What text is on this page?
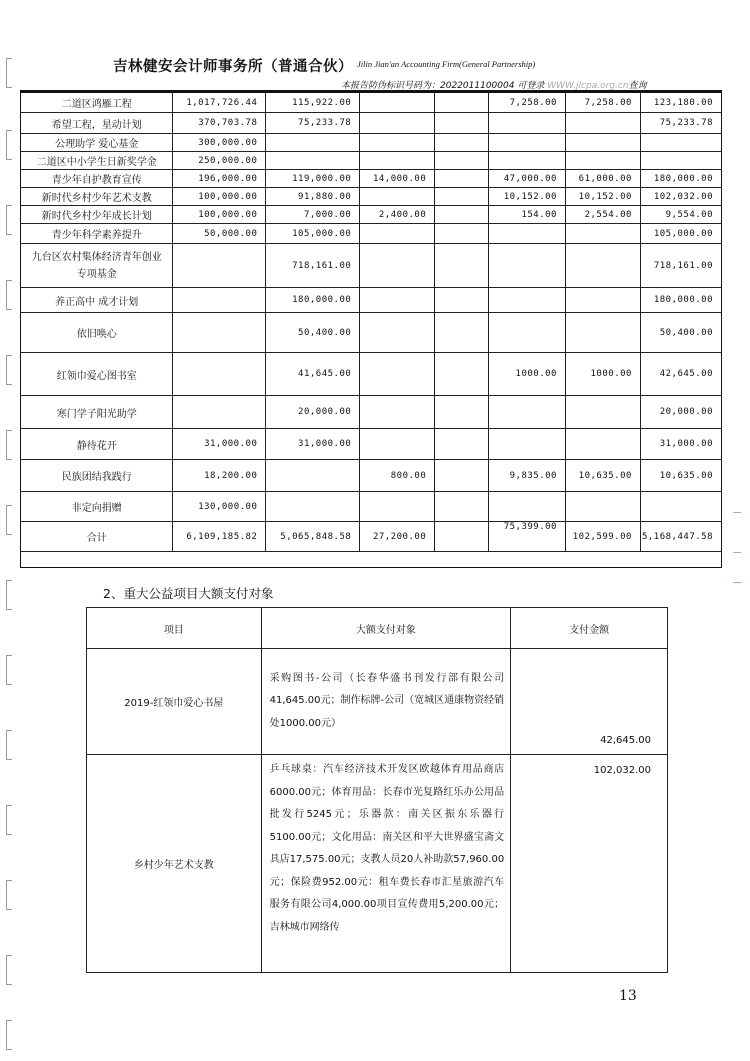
吉林健安会计师事务所（普通合伙） Jilin Jian'an Accounting Firm(General Partnership)
本报告防伪标识号码为：2022011100004 可登录 WWW.jlcpa.org.cn查询
二道区鸿雁工程	1,017,726.44	115,922.00			7,258.00	7,258.00	123,180.00
希望工程，星动计划	370,703.78	75,233.78					75,233.78
公理助学 爱心基金	300,000.00						
二道区中小学生日新奖学金	250,000.00						
青少年自护教育宣传	196,000.00	119,000.00	14,000.00		47,000.00	61,000.00	180,000.00
新时代乡村少年艺术支教	100,000.00	91,880.00			10,152.00	10,152.00	102,032.00
新时代乡村少年成长计划	100,000.00	7,000.00	2,400.00		154.00	2,554.00	9,554.00
青少年科学素养提升	50,000.00	105,000.00					105,000.00
九台区农村集体经济青年创业专项基金		718,161.00					718,161.00
养正高中 成才计划		180,000.00					180,000.00
依旧唤心		50,400.00					50,400.00
红领巾爱心图书室		41,645.00			1000.00	1000.00	42,645.00
寒门学子阳光助学		20,000.00					20,000.00
静待花开	31,000.00	31,000.00					31,000.00
民族团结我践行	18,200.00		800.00		9,835.00	10,635.00	10,635.00
非定向捐赠	130,000.00						
合计	6,109,185.82	5,065,848.58	27,200.00		75,399.00	102,599.00	5,168,447.58
2、重大公益项目大额支付对象
项目	大额支付对象	支付金额
2019-红领巾爱心书屋	采购图书-公司（长春华盛书刊发行部有限公司41,645.00元；制作标牌-公司（宽城区通康物资经销处1000.00元）	42,645.00
乡村少年艺术支教	乒乓球桌：汽车经济技术开发区欧越体育用品商店6000.00元；体育用品：长春市光复路红乐办公用品批发行5245元；乐器款：南关区振东乐器行5100.00元；文化用品：南关区和平大世界盛宝斋文具店17,575.00元；支教人员20人补助款57,960.00元；保险费952.00元：租车费长春市汇星旅游汽车服务有限公司4,000.00项目宣传费用5,200.00元；吉林城市网络传	102,032.00
13
—
—
—
